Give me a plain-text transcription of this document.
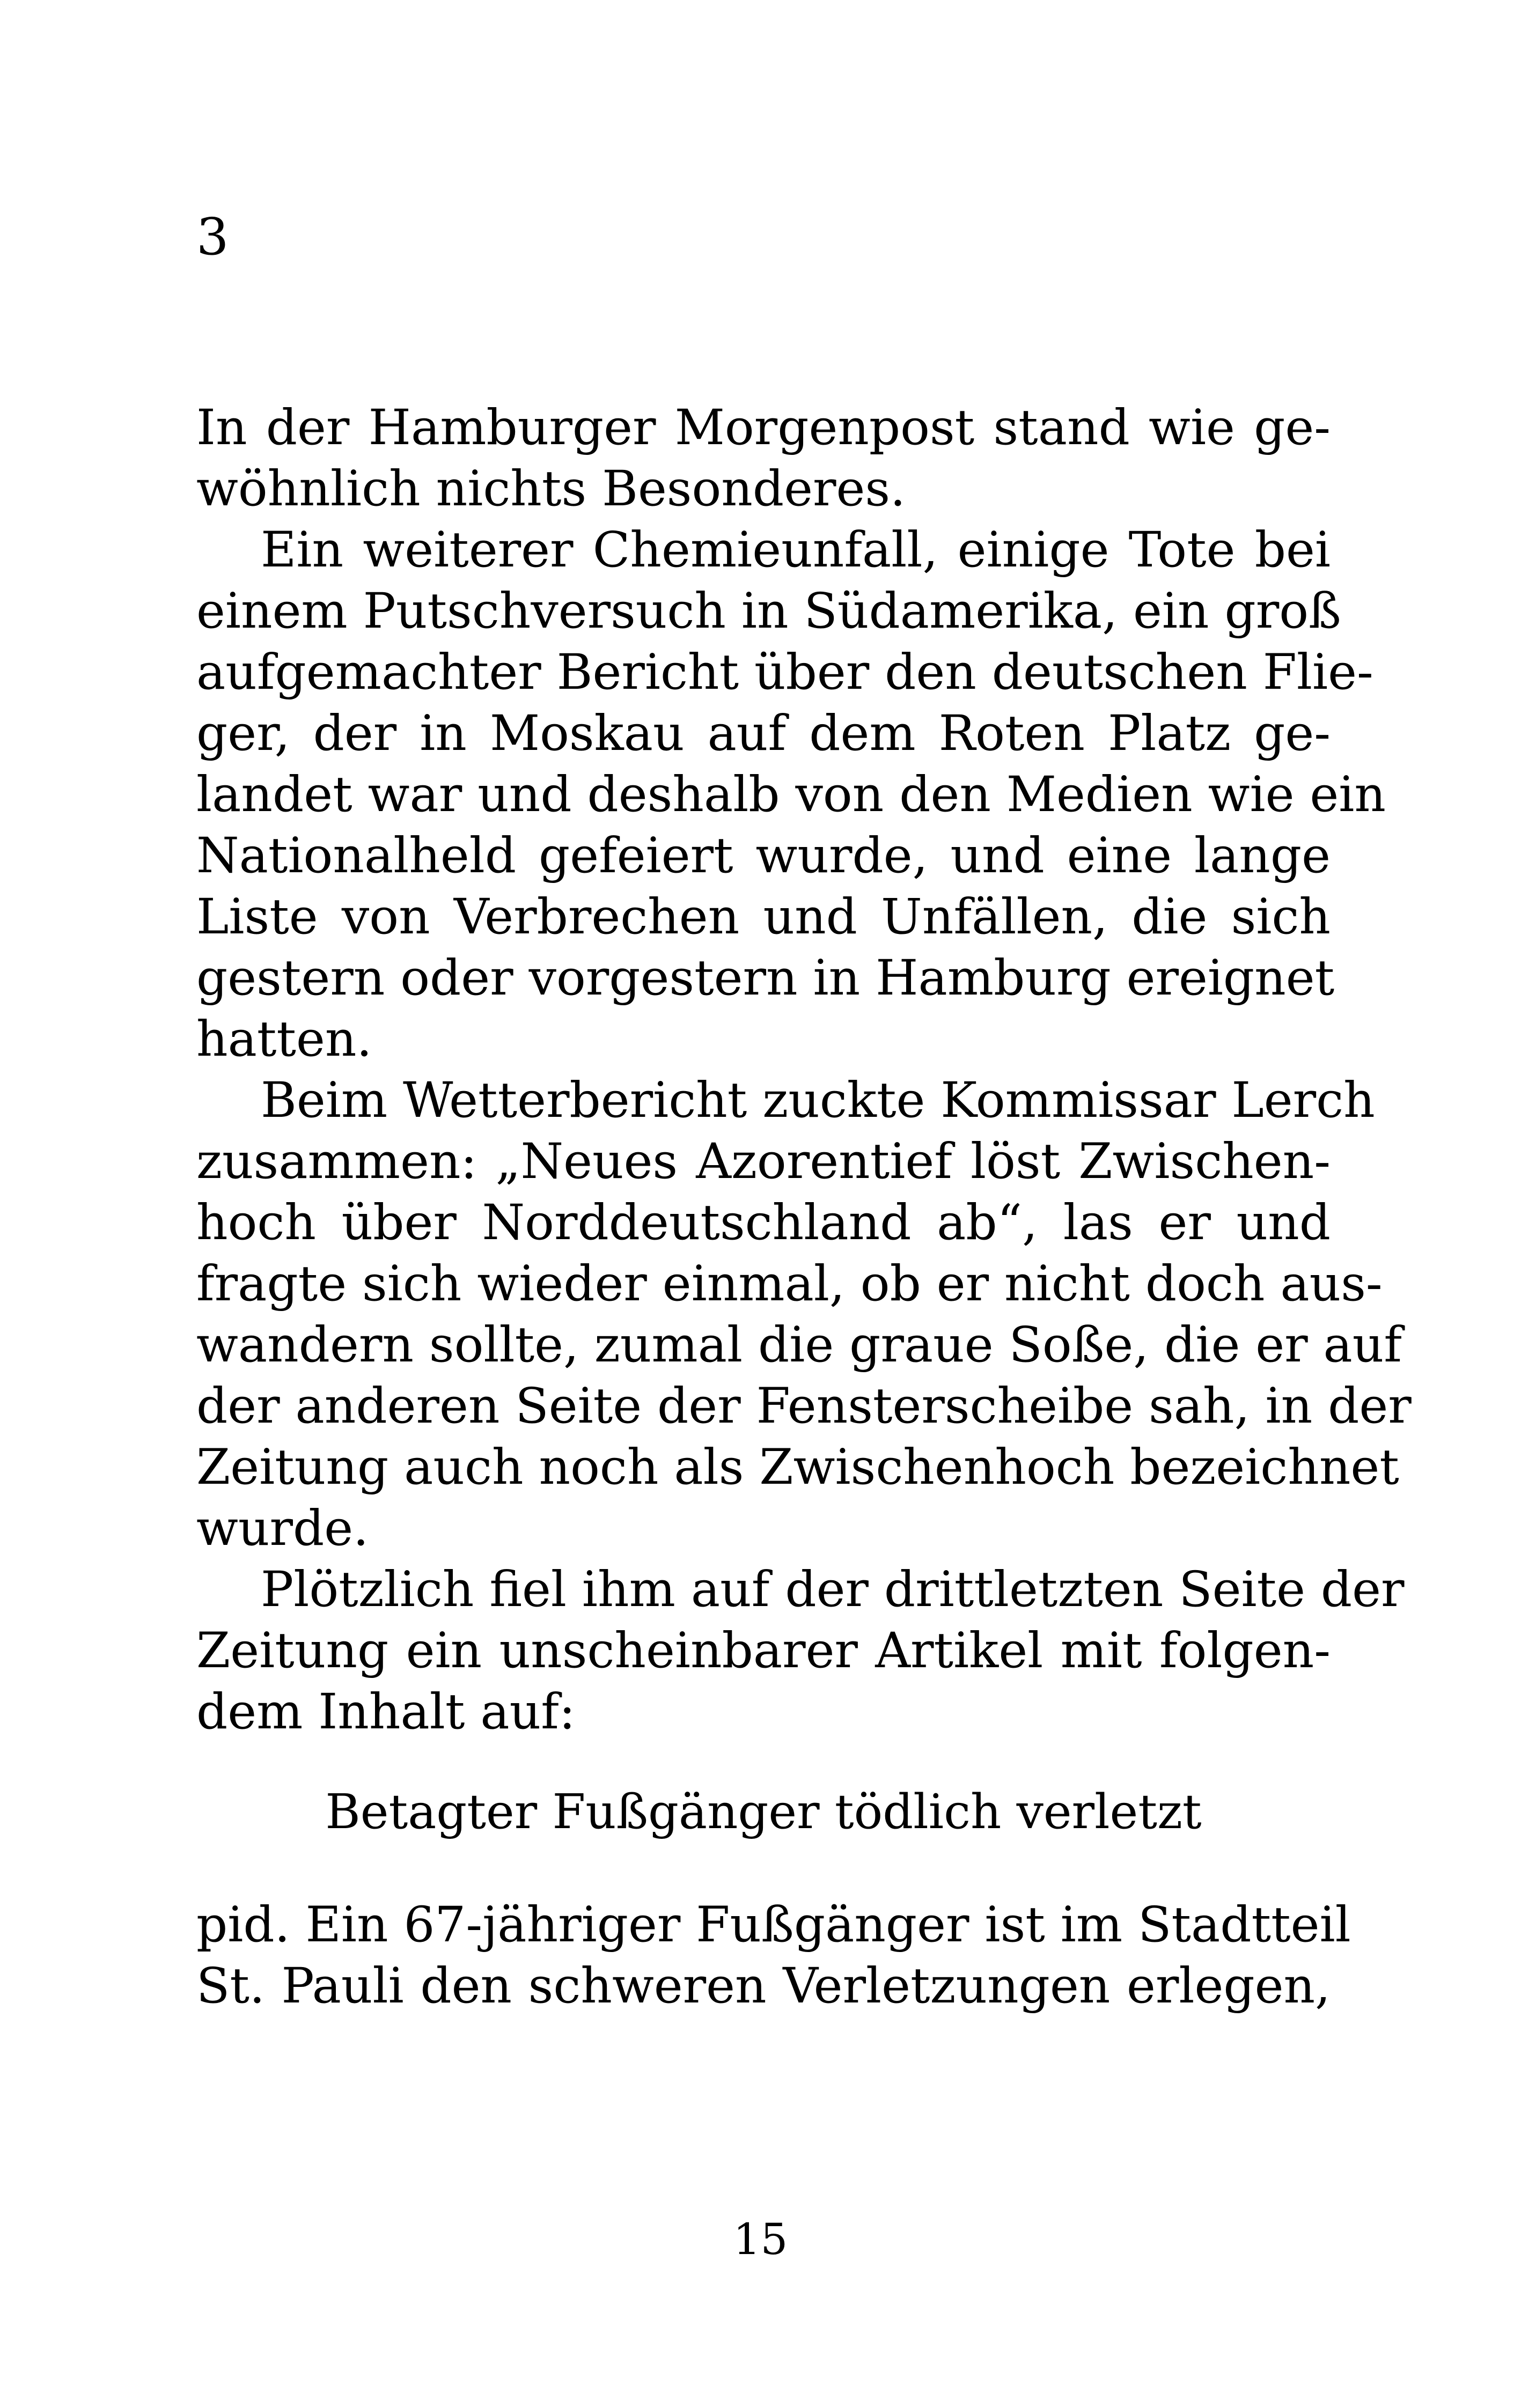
3
In der Hamburger Morgenpost stand wie ge-
wöhnlich nichts Besonderes.
Ein weiterer Chemieunfall, einige Tote bei
einem Putschversuch in Südamerika, ein groß
aufgemachter Bericht über den deutschen Flie-
ger, der in Moskau auf dem Roten Platz ge-
landet war und deshalb von den Medien wie ein
Nationalheld gefeiert wurde, und eine lange
Liste von Verbrechen und Unfällen, die sich
gestern oder vorgestern in Hamburg ereignet
hatten.
Beim Wetterbericht zuckte Kommissar Lerch
zusammen: „Neues Azorentief löst Zwischen-
hoch über Norddeutschland ab“, las er und
fragte sich wieder einmal, ob er nicht doch aus-
wandern sollte, zumal die graue Soße, die er auf
der anderen Seite der Fensterscheibe sah, in der
Zeitung auch noch als Zwischenhoch bezeichnet
wurde.
Plötzlich fiel ihm auf der drittletzten Seite der
Zeitung ein unscheinbarer Artikel mit folgen-
dem Inhalt auf:
Betagter Fußgänger tödlich verletzt
pid. Ein 67-jähriger Fußgänger ist im Stadtteil
St. Pauli den schweren Verletzungen erlegen,
15
